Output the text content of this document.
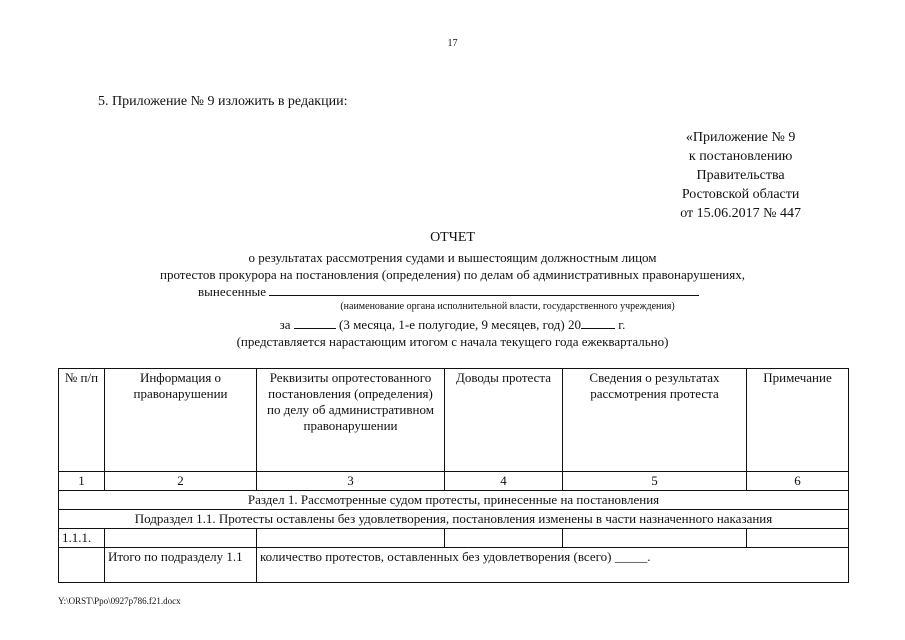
17
5. Приложение № 9 изложить в редакции:
«Приложение № 9
к постановлению
Правительства
Ростовской области
от 15.06.2017 № 447
ОТЧЕТ
о результатах рассмотрения судами и вышестоящим должностным лицом
протестов прокурора на постановления (определения) по делам об административных правонарушениях,
вынесенные
(наименование органа исполнительной власти, государственного учреждения)
за	(3 месяца, 1-е полугодие, 9 месяцев, год) 20	г.
(представляется нарастающим итогом с начала текущего года ежеквартально)
№ п/п	Информация о правонарушении	Реквизиты опротестованного постановления (определения) по делу об административном правонарушении	Доводы протеста	Сведения о результатах рассмотрения протеста	Примечание
1	2	3	4	5	6
Раздел 1. Рассмотренные судом протесты, принесенные на постановления					
Подраздел 1.1. Протесты оставлены без удовлетворения, постановления изменены в части назначенного наказания					
1.1.1.					
	Итого по подразделу 1.1	количество протестов, оставленных без удовлетворения (всего) _____.			
Y:\ORST\Ppo\0927p786.f21.docx
